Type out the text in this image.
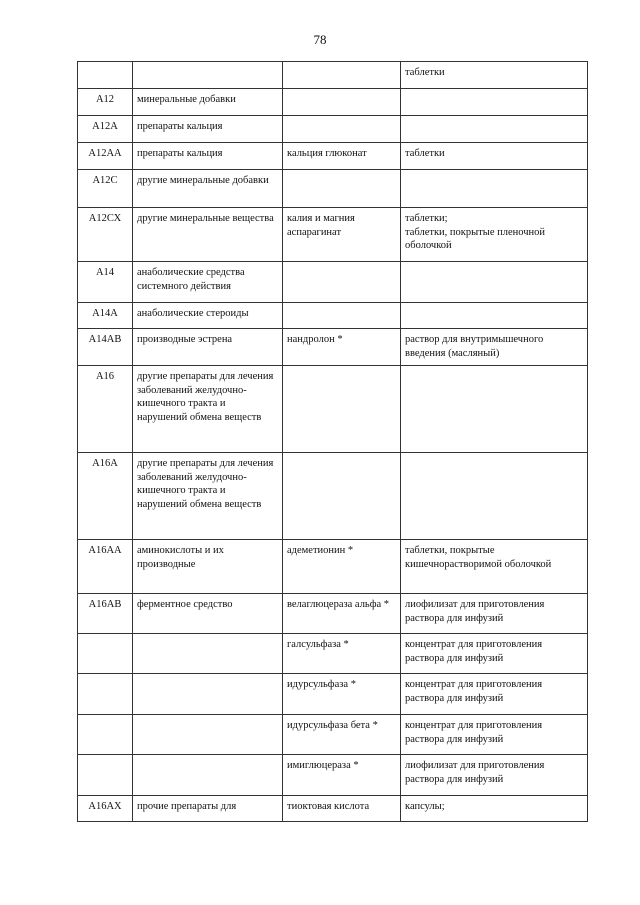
78
			таблетки
А12	минеральные добавки		
А12А	препараты кальция		
А12АА	препараты кальция	кальция глюконат	таблетки
А12С	другие минеральные добавки		
А12СХ	другие минеральные вещества	калия и магния аспарагинат	таблетки;
таблетки, покрытые пленочной оболочкой
А14	анаболические средства системного действия		
А14А	анаболические стероиды		
А14АВ	производные эстрена	нандролон *	раствор для внутримышечного введения (масляный)
А16	другие препараты для лечения заболеваний желудочно-кишечного тракта и нарушений обмена веществ		
А16А	другие препараты для лечения заболеваний желудочно-кишечного тракта и нарушений обмена веществ		
А16АА	аминокислоты и их производные	адеметионин *	таблетки, покрытые кишечнорастворимой оболочкой
А16АВ	ферментное средство	велаглюцераза альфа *	лиофилизат для приготовления раствора для инфузий
		галсульфаза *	концентрат для приготовления раствора для инфузий
		идурсульфаза *	концентрат для приготовления раствора для инфузий
		идурсульфаза бета *	концентрат для приготовления раствора для инфузий
		имиглюцераза *	лиофилизат для приготовления раствора для инфузий
А16АХ	прочие препараты для	тиоктовая кислота	капсулы;
